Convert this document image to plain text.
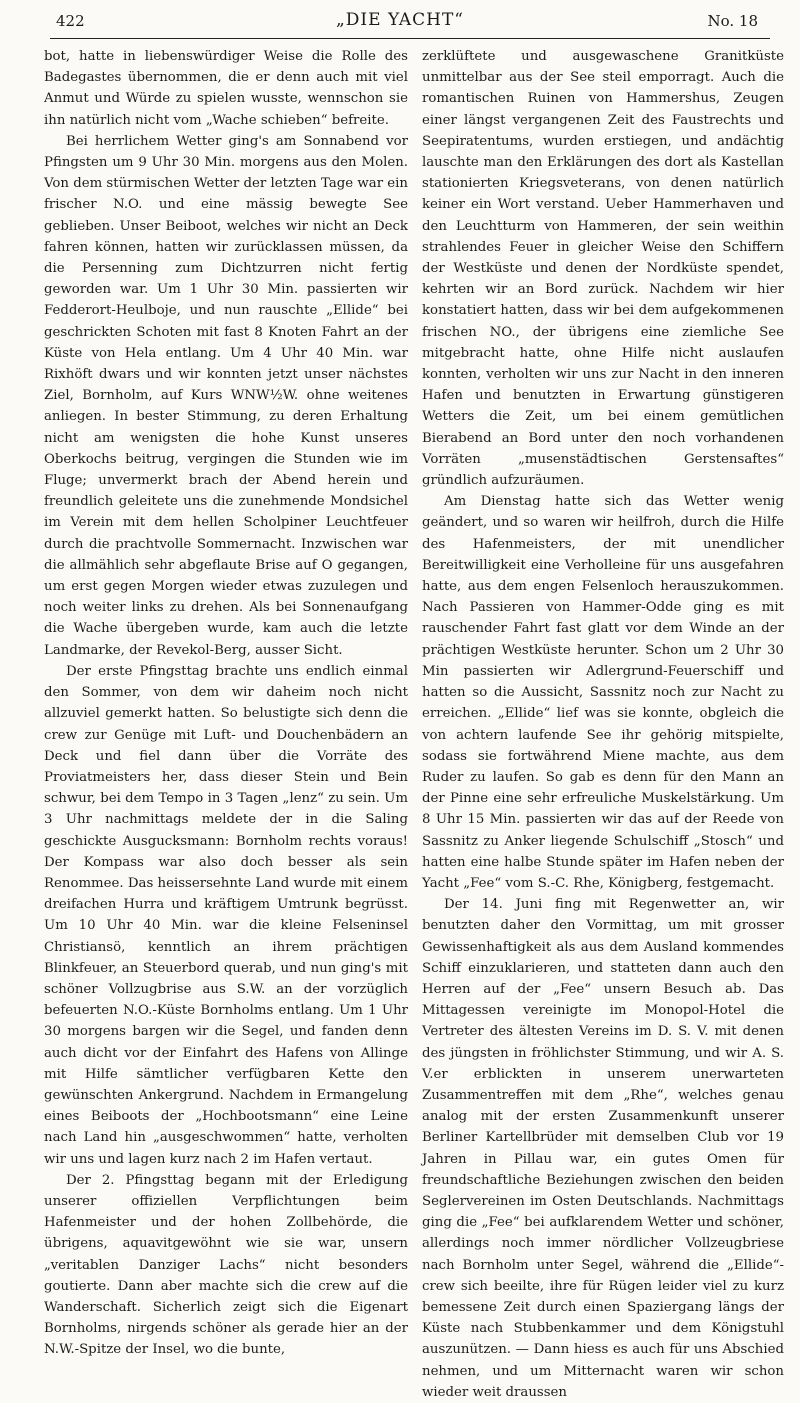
422	„DIE YACHT“	No. 18

bot, hatte in liebenswürdiger Weise die Rolle des Badegastes übernommen, die er denn auch mit viel Anmut und Würde zu spielen wusste, wennschon sie ihn natürlich nicht vom „Wache schieben“ befreite.

Bei herrlichem Wetter ging's am Sonnabend vor Pfingsten um 9 Uhr 30 Min. morgens aus den Molen. Von dem stürmischen Wetter der letzten Tage war ein frischer N.O. und eine mässig bewegte See geblieben. Unser Beiboot, welches wir nicht an Deck fahren können, hatten wir zurücklassen müssen, da die Persenning zum Dichtzurren nicht fertig geworden war. Um 1 Uhr 30 Min. passierten wir Fedderort-Heulboje, und nun rauschte „Ellide“ bei geschrickten Schoten mit fast 8 Knoten Fahrt an der Küste von Hela entlang. Um 4 Uhr 40 Min. war Rixhöft dwars und wir konnten jetzt unser nächstes Ziel, Bornholm, auf Kurs WNW½W. ohne weitenes anliegen. In bester Stimmung, zu deren Erhaltung nicht am wenigsten die hohe Kunst unseres Oberkochs beitrug, vergingen die Stunden wie im Fluge; unvermerkt brach der Abend herein und freundlich geleitete uns die zunehmende Mondsichel im Verein mit dem hellen Scholpiner Leuchtfeuer durch die prachtvolle Sommernacht. Inzwischen war die allmählich sehr abgeflaute Brise auf O gegangen, um erst gegen Morgen wieder etwas zuzulegen und noch weiter links zu drehen. Als bei Sonnenaufgang die Wache übergeben wurde, kam auch die letzte Landmarke, der Revekol-Berg, ausser Sicht.

Der erste Pfingsttag brachte uns endlich einmal den Sommer, von dem wir daheim noch nicht allzuviel gemerkt hatten. So belustigte sich denn die crew zur Genüge mit Luft- und Douchenbädern an Deck und fiel dann über die Vorräte des Proviatmeisters her, dass dieser Stein und Bein schwur, bei dem Tempo in 3 Tagen „lenz“ zu sein. Um 3 Uhr nachmittags meldete der in die Saling geschickte Ausgucksmann: Bornholm rechts voraus! Der Kompass war also doch besser als sein Renommee. Das heissersehnte Land wurde mit einem dreifachen Hurra und kräftigem Umtrunk begrüsst. Um 10 Uhr 40 Min. war die kleine Felseninsel Christiansö, kenntlich an ihrem prächtigen Blinkfeuer, an Steuerbord querab, und nun ging's mit schöner Vollzugbrise aus S.W. an der vorzüglich befeuerten N.O.-Küste Bornholms entlang. Um 1 Uhr 30 morgens bargen wir die Segel, und fanden denn auch dicht vor der Einfahrt des Hafens von Allinge mit Hilfe sämtlicher verfügbaren Kette den gewünschten Ankergrund. Nachdem in Ermangelung eines Beiboots der „Hochbootsmann“ eine Leine nach Land hin „ausgeschwommen“ hatte, verholten wir uns und lagen kurz nach 2 im Hafen vertaut.

Der 2. Pfingsttag begann mit der Erledigung unserer offiziellen Verpflichtungen beim Hafenmeister und der hohen Zollbehörde, die übrigens, aquavitgewöhnt wie sie war, unsern „veritablen Danziger Lachs“ nicht besonders goutierte. Dann aber machte sich die crew auf die Wanderschaft. Sicherlich zeigt sich die Eigenart Bornholms, nirgends schöner als gerade hier an der N.W.-Spitze der Insel, wo die bunte,

zerklüftete und ausgewaschene Granitküste unmittelbar aus der See steil emporragt. Auch die romantischen Ruinen von Hammershus, Zeugen einer längst vergangenen Zeit des Faustrechts und Seepiratentums, wurden erstiegen, und andächtig lauschte man den Erklärungen des dort als Kastellan stationierten Kriegsveterans, von denen natürlich keiner ein Wort verstand. Ueber Hammerhaven und den Leuchtturm von Hammeren, der sein weithin strahlendes Feuer in gleicher Weise den Schiffern der Westküste und denen der Nordküste spendet, kehrten wir an Bord zurück. Nachdem wir hier konstatiert hatten, dass wir bei dem aufgekommenen frischen NO., der übrigens eine ziemliche See mitgebracht hatte, ohne Hilfe nicht auslaufen konnten, verholten wir uns zur Nacht in den inneren Hafen und benutzten in Erwartung günstigeren Wetters die Zeit, um bei einem gemütlichen Bierabend an Bord unter den noch vorhandenen Vorräten „musenstädtischen Gerstensaftes“ gründlich aufzuräumen.

Am Dienstag hatte sich das Wetter wenig geändert, und so waren wir heilfroh, durch die Hilfe des Hafenmeisters, der mit unendlicher Bereitwilligkeit eine Verholleine für uns ausgefahren hatte, aus dem engen Felsenloch herauszukommen. Nach Passieren von Hammer-Odde ging es mit rauschender Fahrt fast glatt vor dem Winde an der prächtigen Westküste herunter. Schon um 2 Uhr 30 Min passierten wir Adlergrund-Feuerschiff und hatten so die Aussicht, Sassnitz noch zur Nacht zu erreichen. „Ellide“ lief was sie konnte, obgleich die von achtern laufende See ihr gehörig mitspielte, sodass sie fortwährend Miene machte, aus dem Ruder zu laufen. So gab es denn für den Mann an der Pinne eine sehr erfreuliche Muskelstärkung. Um 8 Uhr 15 Min. passierten wir das auf der Reede von Sassnitz zu Anker liegende Schulschiff „Stosch“ und hatten eine halbe Stunde später im Hafen neben der Yacht „Fee“ vom S.-C. Rhe, Königberg, festgemacht.

Der 14. Juni fing mit Regenwetter an, wir benutzten daher den Vormittag, um mit grosser Gewissenhaftigkeit als aus dem Ausland kommendes Schiff einzuklarieren, und statteten dann auch den Herren auf der „Fee“ unsern Besuch ab. Das Mittagessen vereinigte im Monopol-Hotel die Vertreter des ältesten Vereins im D. S. V. mit denen des jüngsten in fröhlichster Stimmung, und wir A. S. V.er erblickten in unserem unerwarteten Zusammentreffen mit dem „Rhe“, welches genau analog mit der ersten Zusammenkunft unserer Berliner Kartellbrüder mit demselben Club vor 19 Jahren in Pillau war, ein gutes Omen für freundschaftliche Beziehungen zwischen den beiden Seglervereinen im Osten Deutschlands. Nachmittags ging die „Fee“ bei aufklarendem Wetter und schöner, allerdings noch immer nördlicher Vollzeugbriese nach Bornholm unter Segel, während die „Ellide“-crew sich beeilte, ihre für Rügen leider viel zu kurz bemessene Zeit durch einen Spaziergang längs der Küste nach Stubbenkammer und dem Königstuhl auszunützen. — Dann hiess es auch für uns Abschied nehmen, und um Mitternacht waren wir schon wieder weit draussen
